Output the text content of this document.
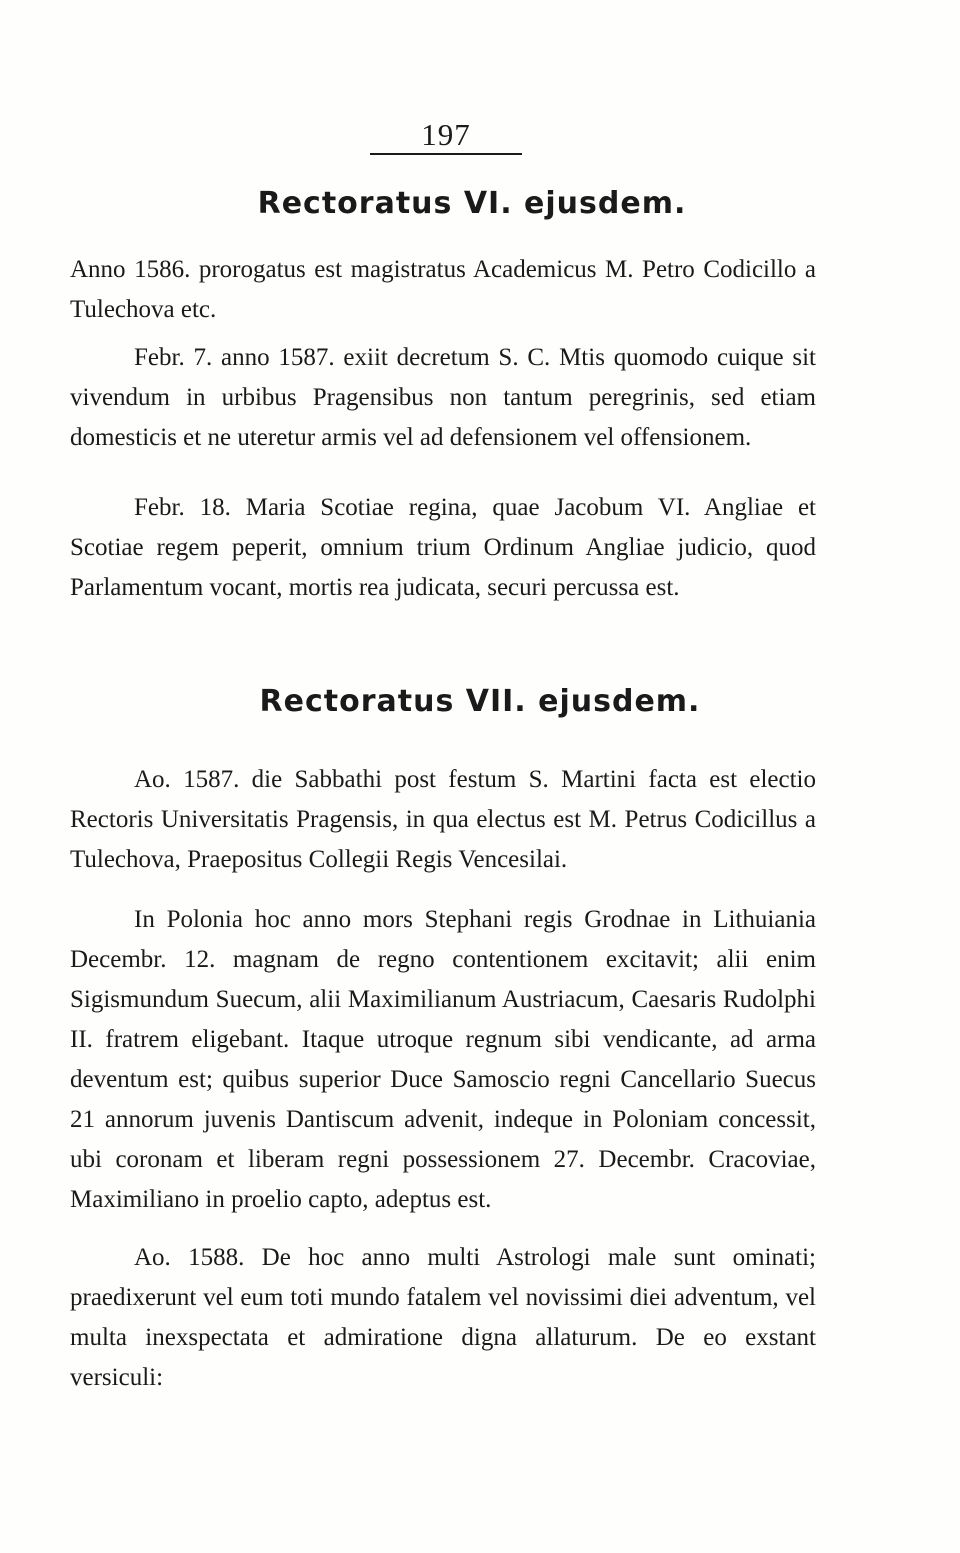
197
Rectoratus VI. ejusdem.

Anno 1586. prorogatus est magistratus Academicus M. Petro Codicillo a Tulechova etc.

Febr. 7. anno 1587. exiit decretum S. C. Mtis quomodo cuique sit vivendum in urbibus Pragensibus non tantum peregrinis, sed etiam domesticis et ne uteretur armis vel ad defensionem vel offensionem.

Febr. 18. Maria Scotiae regina, quae Jacobum VI. Angliae et Scotiae regem peperit, omnium trium Ordinum Angliae judicio, quod Parlamentum vocant, mortis rea judicata, securi percussa est.

Rectoratus VII. ejusdem.

Ao. 1587. die Sabbathi post festum S. Martini facta est electio Rectoris Universitatis Pragensis, in qua electus est M. Petrus Codicillus a Tulechova, Praepositus Collegii Regis Vencesilai.

In Polonia hoc anno mors Stephani regis Grodnae in Lithuiania Decembr. 12. magnam de regno contentionem excitavit; alii enim Sigismundum Suecum, alii Maximilianum Austriacum, Caesaris Rudolphi II. fratrem eligebant. Itaque utroque regnum sibi vendicante, ad arma deventum est; quibus superior Duce Samoscio regni Cancellario Suecus 21 annorum juvenis Dantiscum advenit, indeque in Poloniam concessit, ubi coronam et liberam regni possessionem 27. Decembr. Cracoviae, Maximiliano in proelio capto, adeptus est.

Ao. 1588. De hoc anno multi Astrologi male sunt ominati; praedixerunt vel eum toti mundo fatalem vel novissimi diei adventum, vel multa inexspectata et admiratione digna allaturum. De eo exstant versiculi:
